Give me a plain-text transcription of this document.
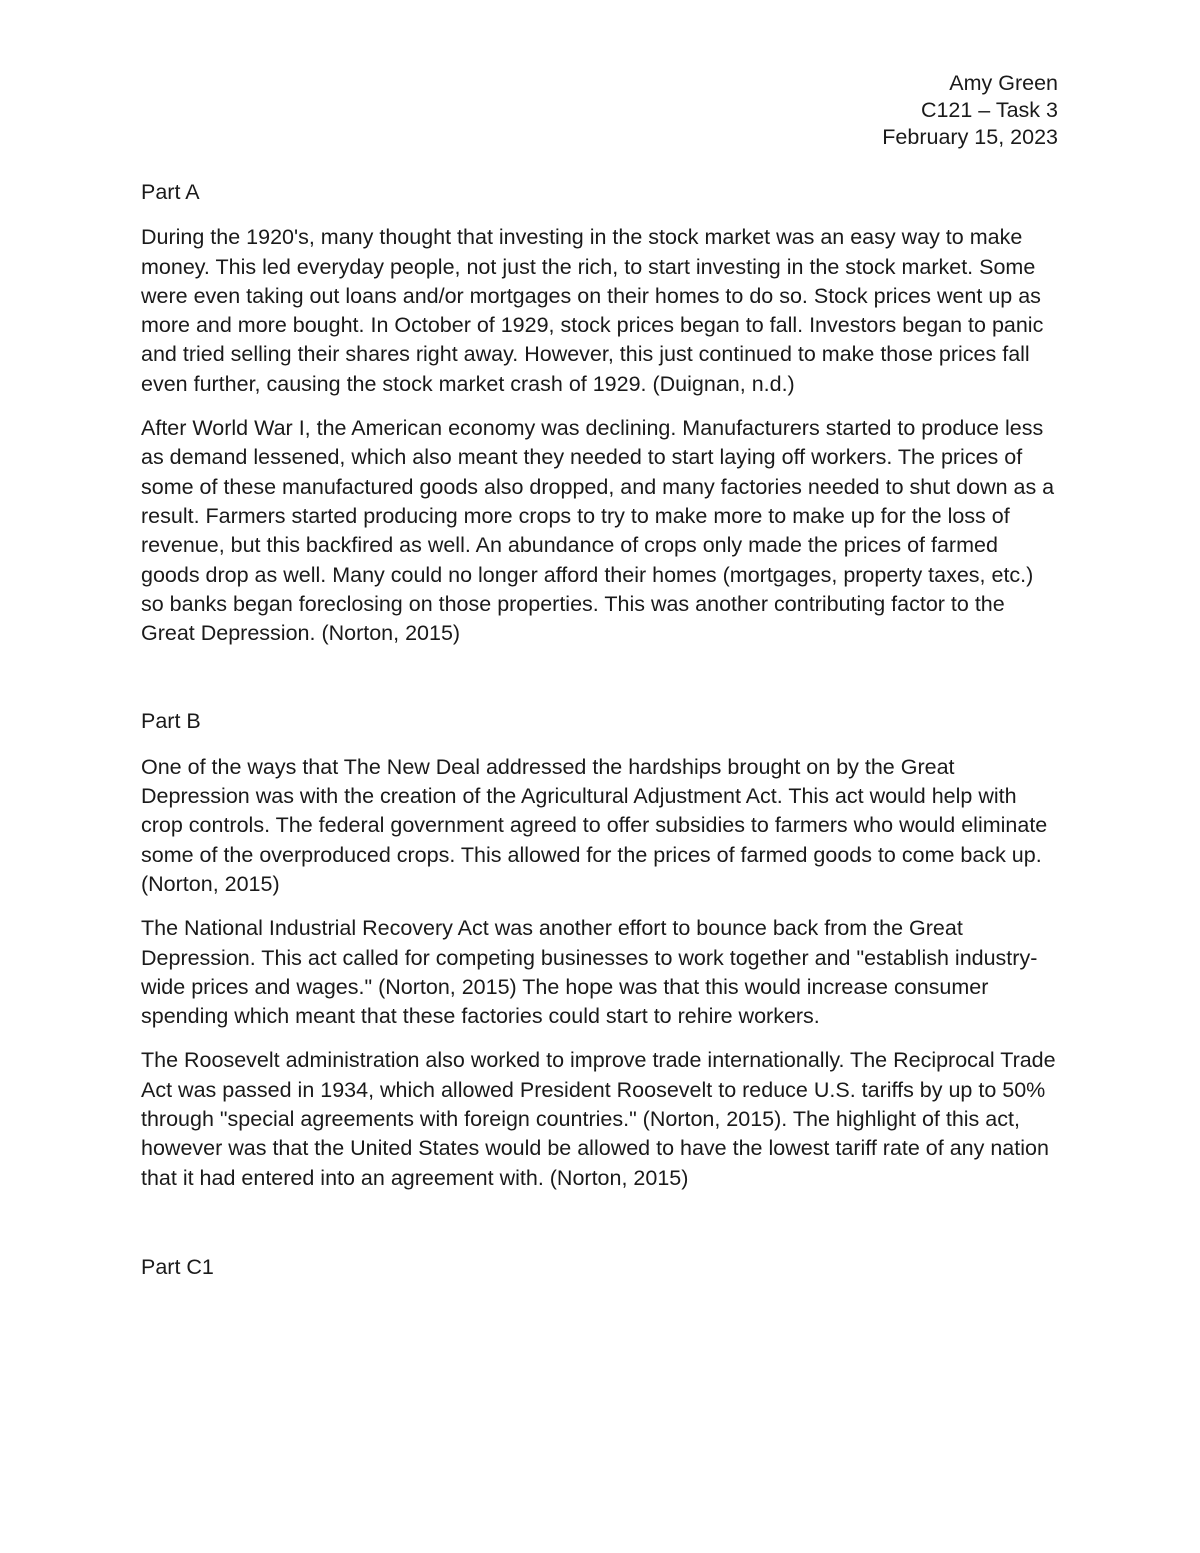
Amy Green
C121 – Task 3
February 15, 2023
Part A
During the 1920's, many thought that investing in the stock market was an easy way to make money. This led everyday people, not just the rich, to start investing in the stock market. Some were even taking out loans and/or mortgages on their homes to do so. Stock prices went up as more and more bought. In October of 1929, stock prices began to fall. Investors began to panic and tried selling their shares right away. However, this just continued to make those prices fall even further, causing the stock market crash of 1929. (Duignan, n.d.)
After World War I, the American economy was declining. Manufacturers started to produce less as demand lessened, which also meant they needed to start laying off workers. The prices of some of these manufactured goods also dropped, and many factories needed to shut down as a result. Farmers started producing more crops to try to make more to make up for the loss of revenue, but this backfired as well. An abundance of crops only made the prices of farmed goods drop as well. Many could no longer afford their homes (mortgages, property taxes, etc.) so banks began foreclosing on those properties. This was another contributing factor to the Great Depression. (Norton, 2015)
Part B
One of the ways that The New Deal addressed the hardships brought on by the Great Depression was with the creation of the Agricultural Adjustment Act. This act would help with crop controls. The federal government agreed to offer subsidies to farmers who would eliminate some of the overproduced crops. This allowed for the prices of farmed goods to come back up. (Norton, 2015)
The National Industrial Recovery Act was another effort to bounce back from the Great Depression. This act called for competing businesses to work together and "establish industry-wide prices and wages." (Norton, 2015) The hope was that this would increase consumer spending which meant that these factories could start to rehire workers.
The Roosevelt administration also worked to improve trade internationally. The Reciprocal Trade Act was passed in 1934, which allowed President Roosevelt to reduce U.S. tariffs by up to 50% through "special agreements with foreign countries." (Norton, 2015). The highlight of this act, however was that the United States would be allowed to have the lowest tariff rate of any nation that it had entered into an agreement with. (Norton, 2015)
Part C1
